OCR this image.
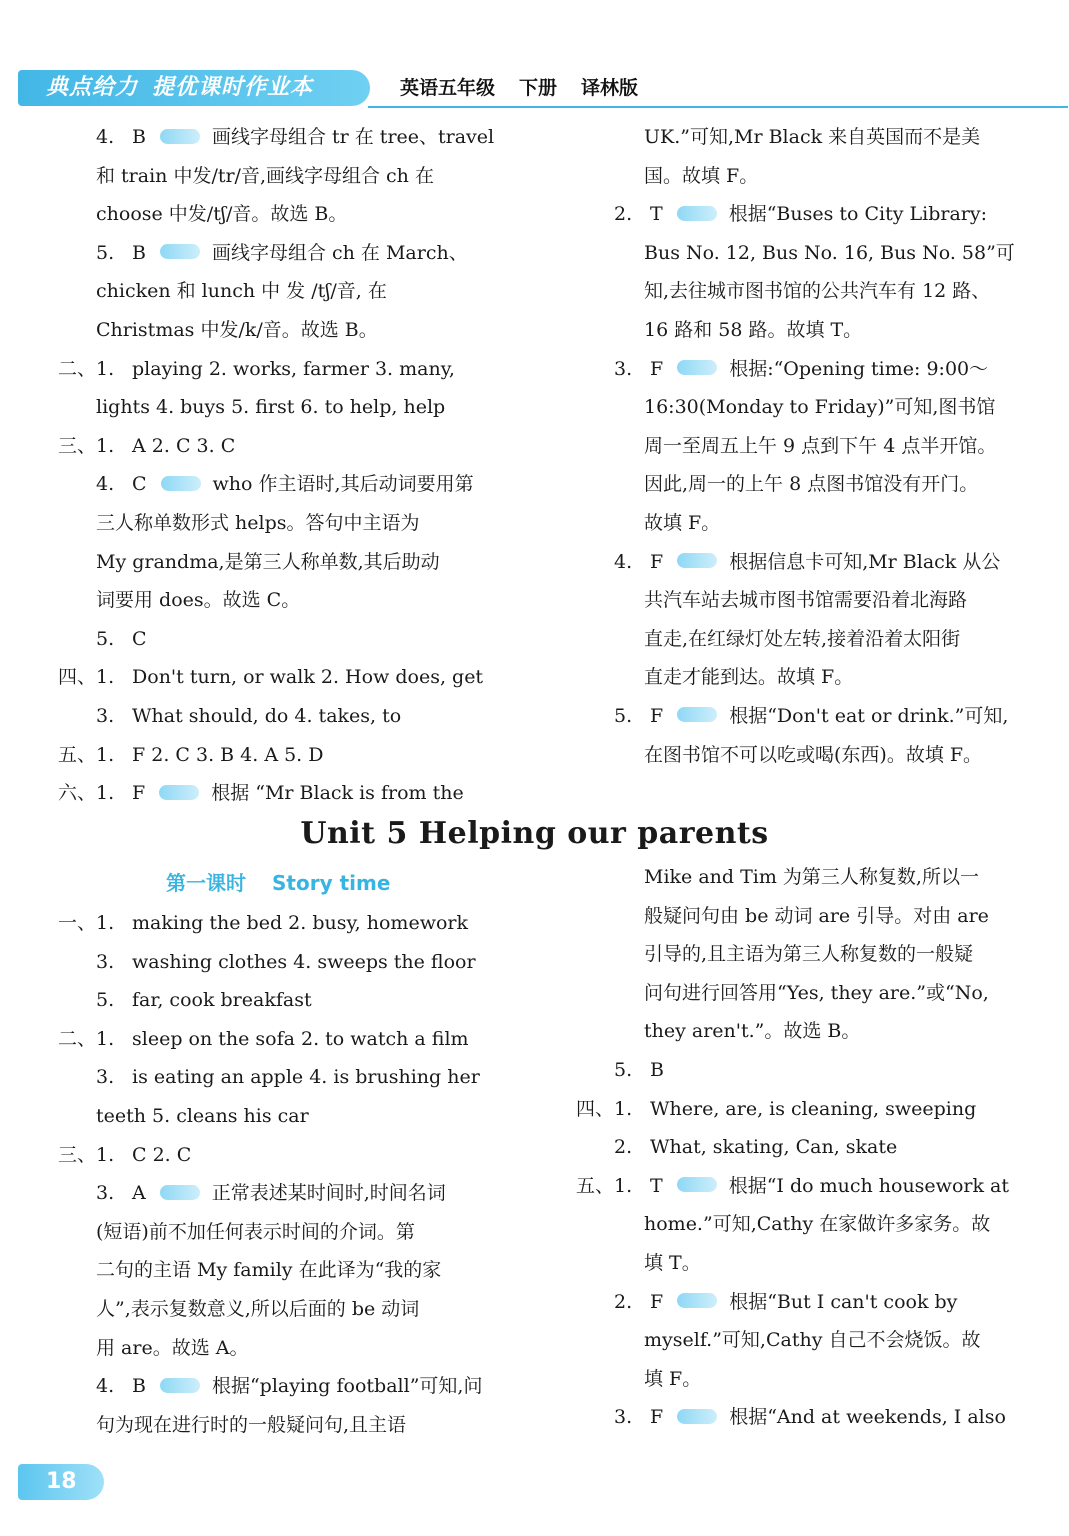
典点给力 提优课时作业本	英语五年级 下册 译林版
4. B	画线字母组合 tr 在 tree、travel
和 train 中发/tr/音,画线字母组合 ch 在
choose 中发/tʃ/音。故选 B。
5. B	画线字母组合 ch 在 March、
chicken 和 lunch 中 发 /tʃ/音, 在
Christmas 中发/k/音。故选 B。
二、1. playing 2. works, farmer 3. many,
lights 4. buys 5. first 6. to help, help
三、1. A 2. C 3. C
4. C	who 作主语时,其后动词要用第
三人称单数形式 helps。答句中主语为
My grandma,是第三人称单数,其后助动
词要用 does。故选 C。
5. C
四、1. Don't turn, or walk 2. How does, get
3. What should, do 4. takes, to
五、1. F 2. C 3. B 4. A 5. D
六、1. F	根据 “Mr Black is from the
UK.”可知,Mr Black 来自英国而不是美
国。故填 F。
2. T	根据“Buses to City Library:
Bus No. 12, Bus No. 16, Bus No. 58”可
知,去往城市图书馆的公共汽车有 12 路、
16 路和 58 路。故填 T。
3. F	根据:“Opening time: 9:00～
16:30(Monday to Friday)”可知,图书馆
周一至周五上午 9 点到下午 4 点半开馆。
因此,周一的上午 8 点图书馆没有开门。
故填 F。
4. F	根据信息卡可知,Mr Black 从公
共汽车站去城市图书馆需要沿着北海路
直走,在红绿灯处左转,接着沿着太阳街
直走才能到达。故填 F。
5. F	根据“Don't eat or drink.”可知,
在图书馆不可以吃或喝(东西)。故填 F。
Unit 5 Helping our parents
第一课时 Story time
一、1. making the bed 2. busy, homework
3. washing clothes 4. sweeps the floor
5. far, cook breakfast
二、1. sleep on the sofa 2. to watch a film
3. is eating an apple 4. is brushing her
teeth 5. cleans his car
三、1. C 2. C
3. A	正常表述某时间时,时间名词
(短语)前不加任何表示时间的介词。第
二句的主语 My family 在此译为“我的家
人”,表示复数意义,所以后面的 be 动词
用 are。故选 A。
4. B	根据“playing football”可知,问
句为现在进行时的一般疑问句,且主语
Mike and Tim 为第三人称复数,所以一
般疑问句由 be 动词 are 引导。对由 are
引导的,且主语为第三人称复数的一般疑
问句进行回答用“Yes, they are.”或“No,
they aren't.”。故选 B。
5. B
四、1. Where, are, is cleaning, sweeping
2. What, skating, Can, skate
五、1. T	根据“I do much housework at
home.”可知,Cathy 在家做许多家务。故
填 T。
2. F	根据“But I can't cook by
myself.”可知,Cathy 自己不会烧饭。故
填 F。
3. F	根据“And at weekends, I also
18
